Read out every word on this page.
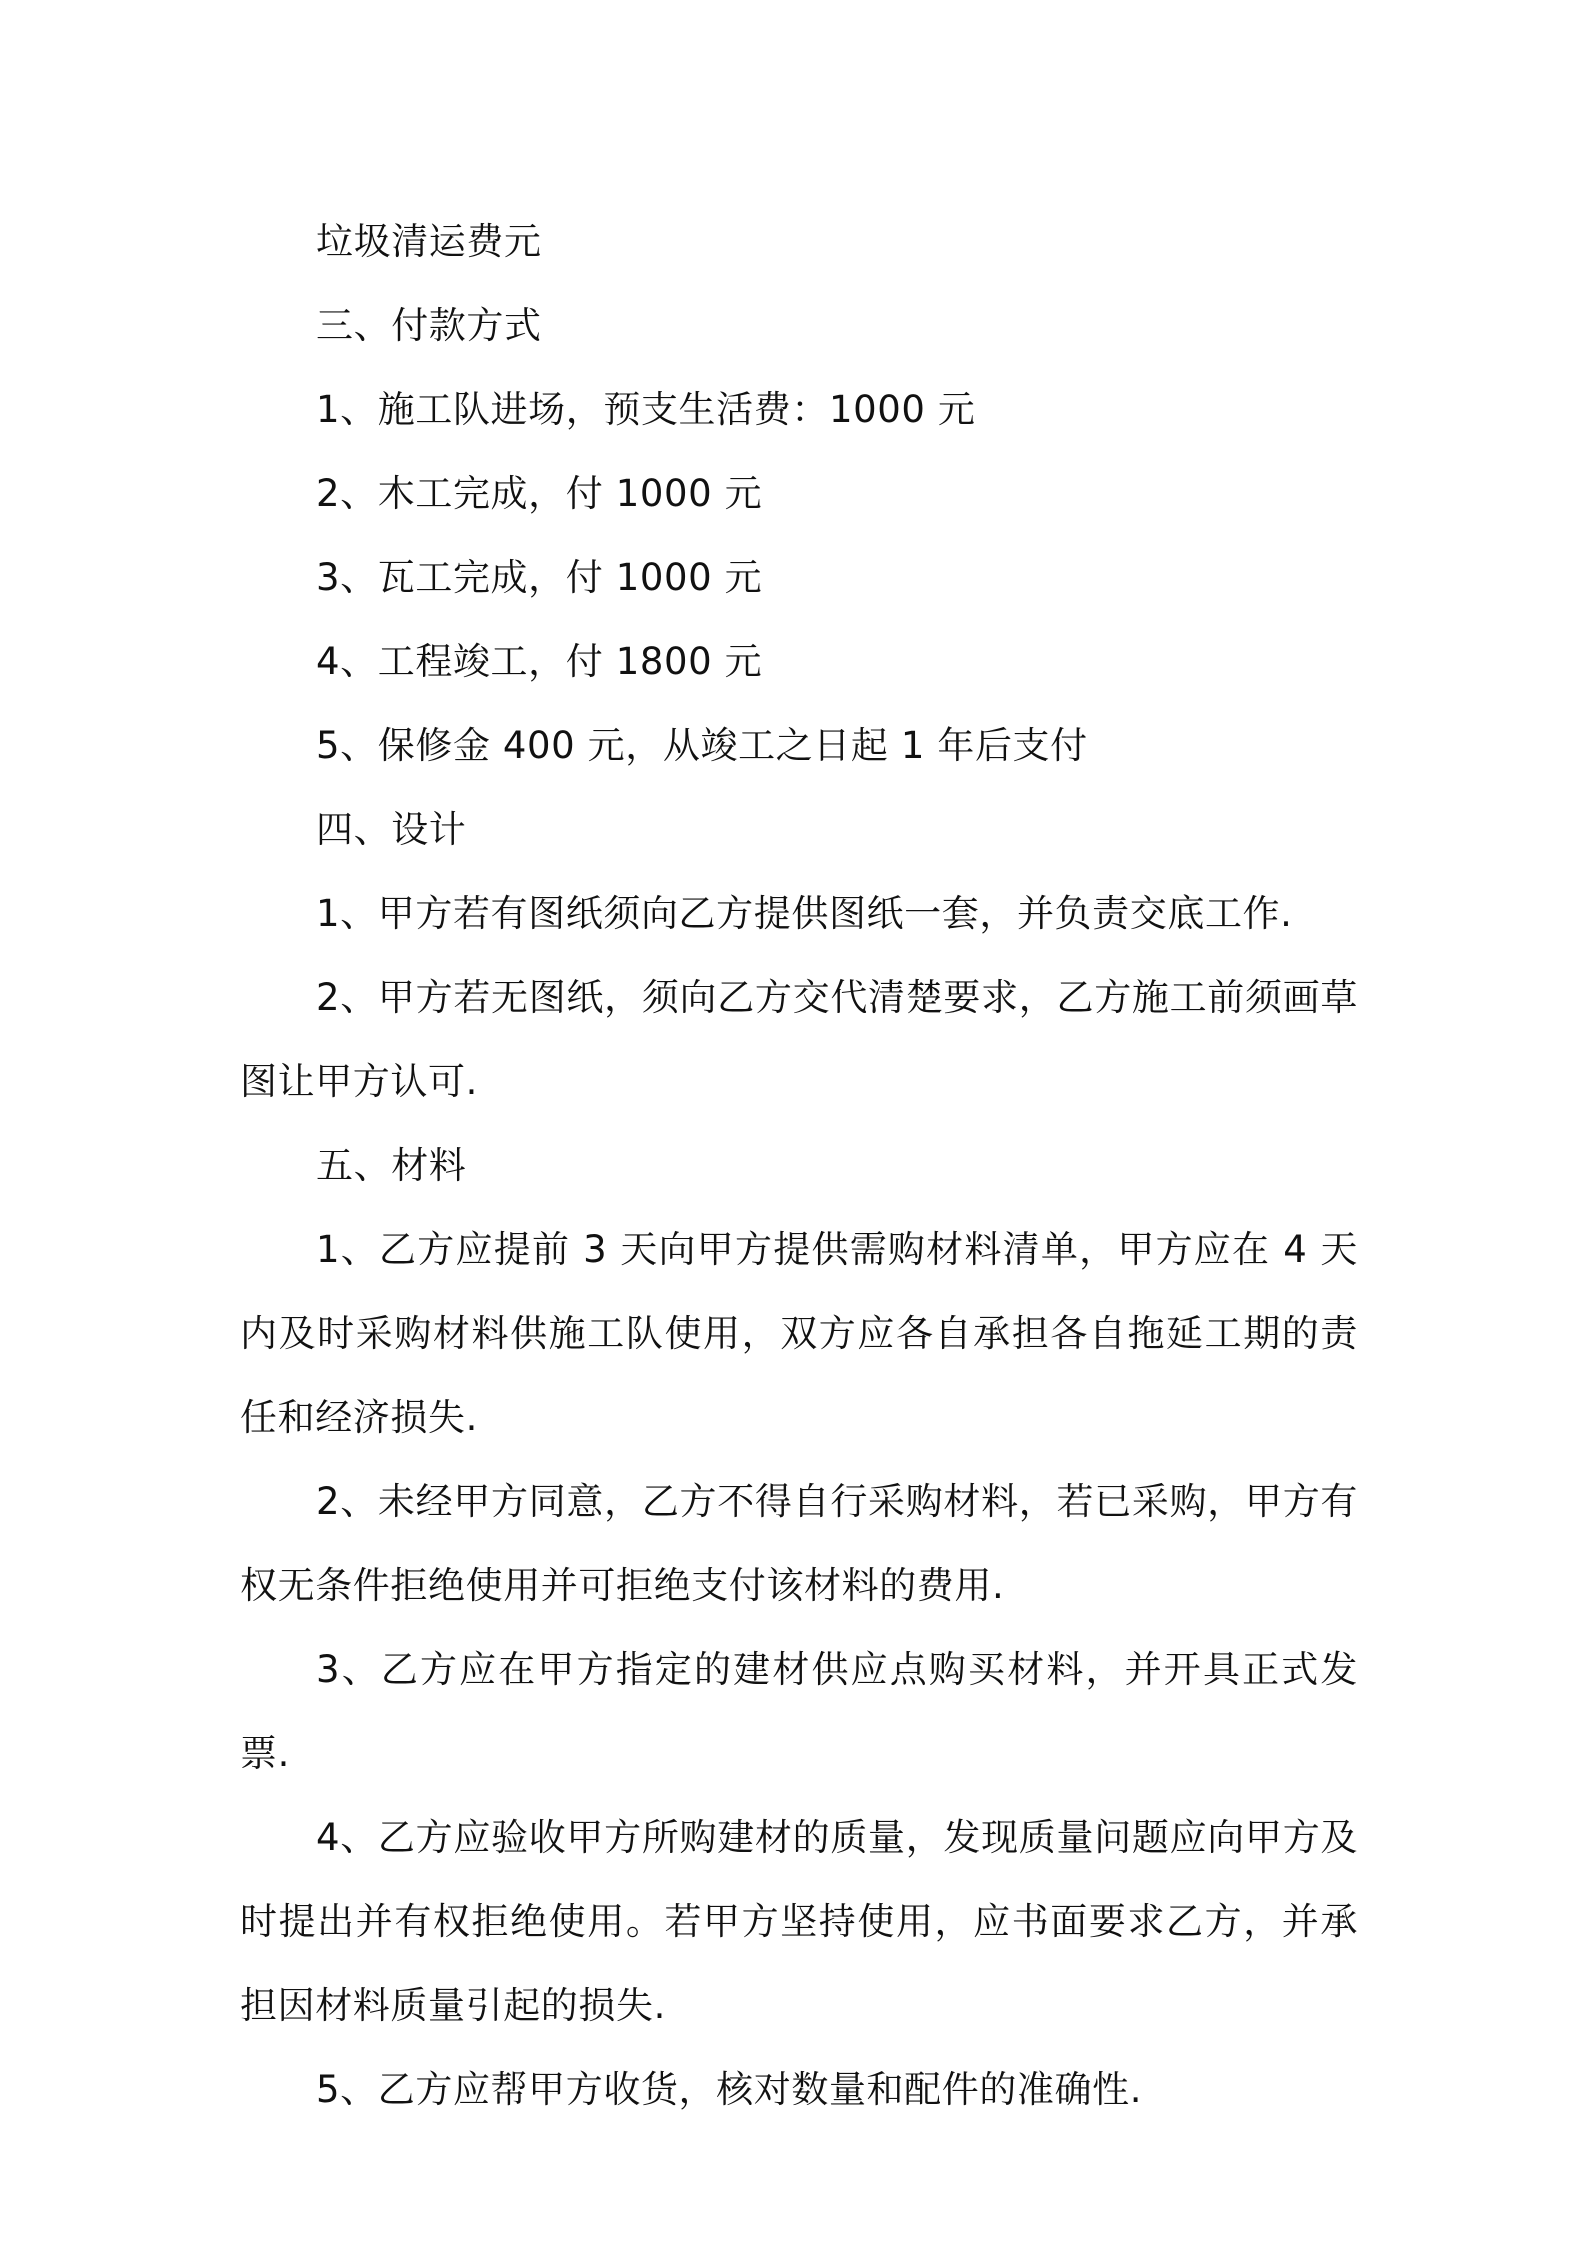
垃圾清运费元

三、付款方式

1、施工队进场，预支生活费：1000 元

2、木工完成，付 1000 元

3、瓦工完成，付 1000 元

4、工程竣工，付 1800 元

5、保修金 400 元，从竣工之日起 1 年后支付

四、设计

1、甲方若有图纸须向乙方提供图纸一套，并负责交底工作.

2、甲方若无图纸，须向乙方交代清楚要求，乙方施工前须画草图让甲方认可.

五、材料

1、乙方应提前 3 天向甲方提供需购材料清单，甲方应在 4 天内及时采购材料供施工队使用，双方应各自承担各自拖延工期的责任和经济损失.

2、未经甲方同意，乙方不得自行采购材料，若已采购，甲方有权无条件拒绝使用并可拒绝支付该材料的费用.

3、乙方应在甲方指定的建材供应点购买材料，并开具正式发票.

4、乙方应验收甲方所购建材的质量，发现质量问题应向甲方及时提出并有权拒绝使用。若甲方坚持使用，应书面要求乙方，并承担因材料质量引起的损失.

5、乙方应帮甲方收货，核对数量和配件的准确性.
